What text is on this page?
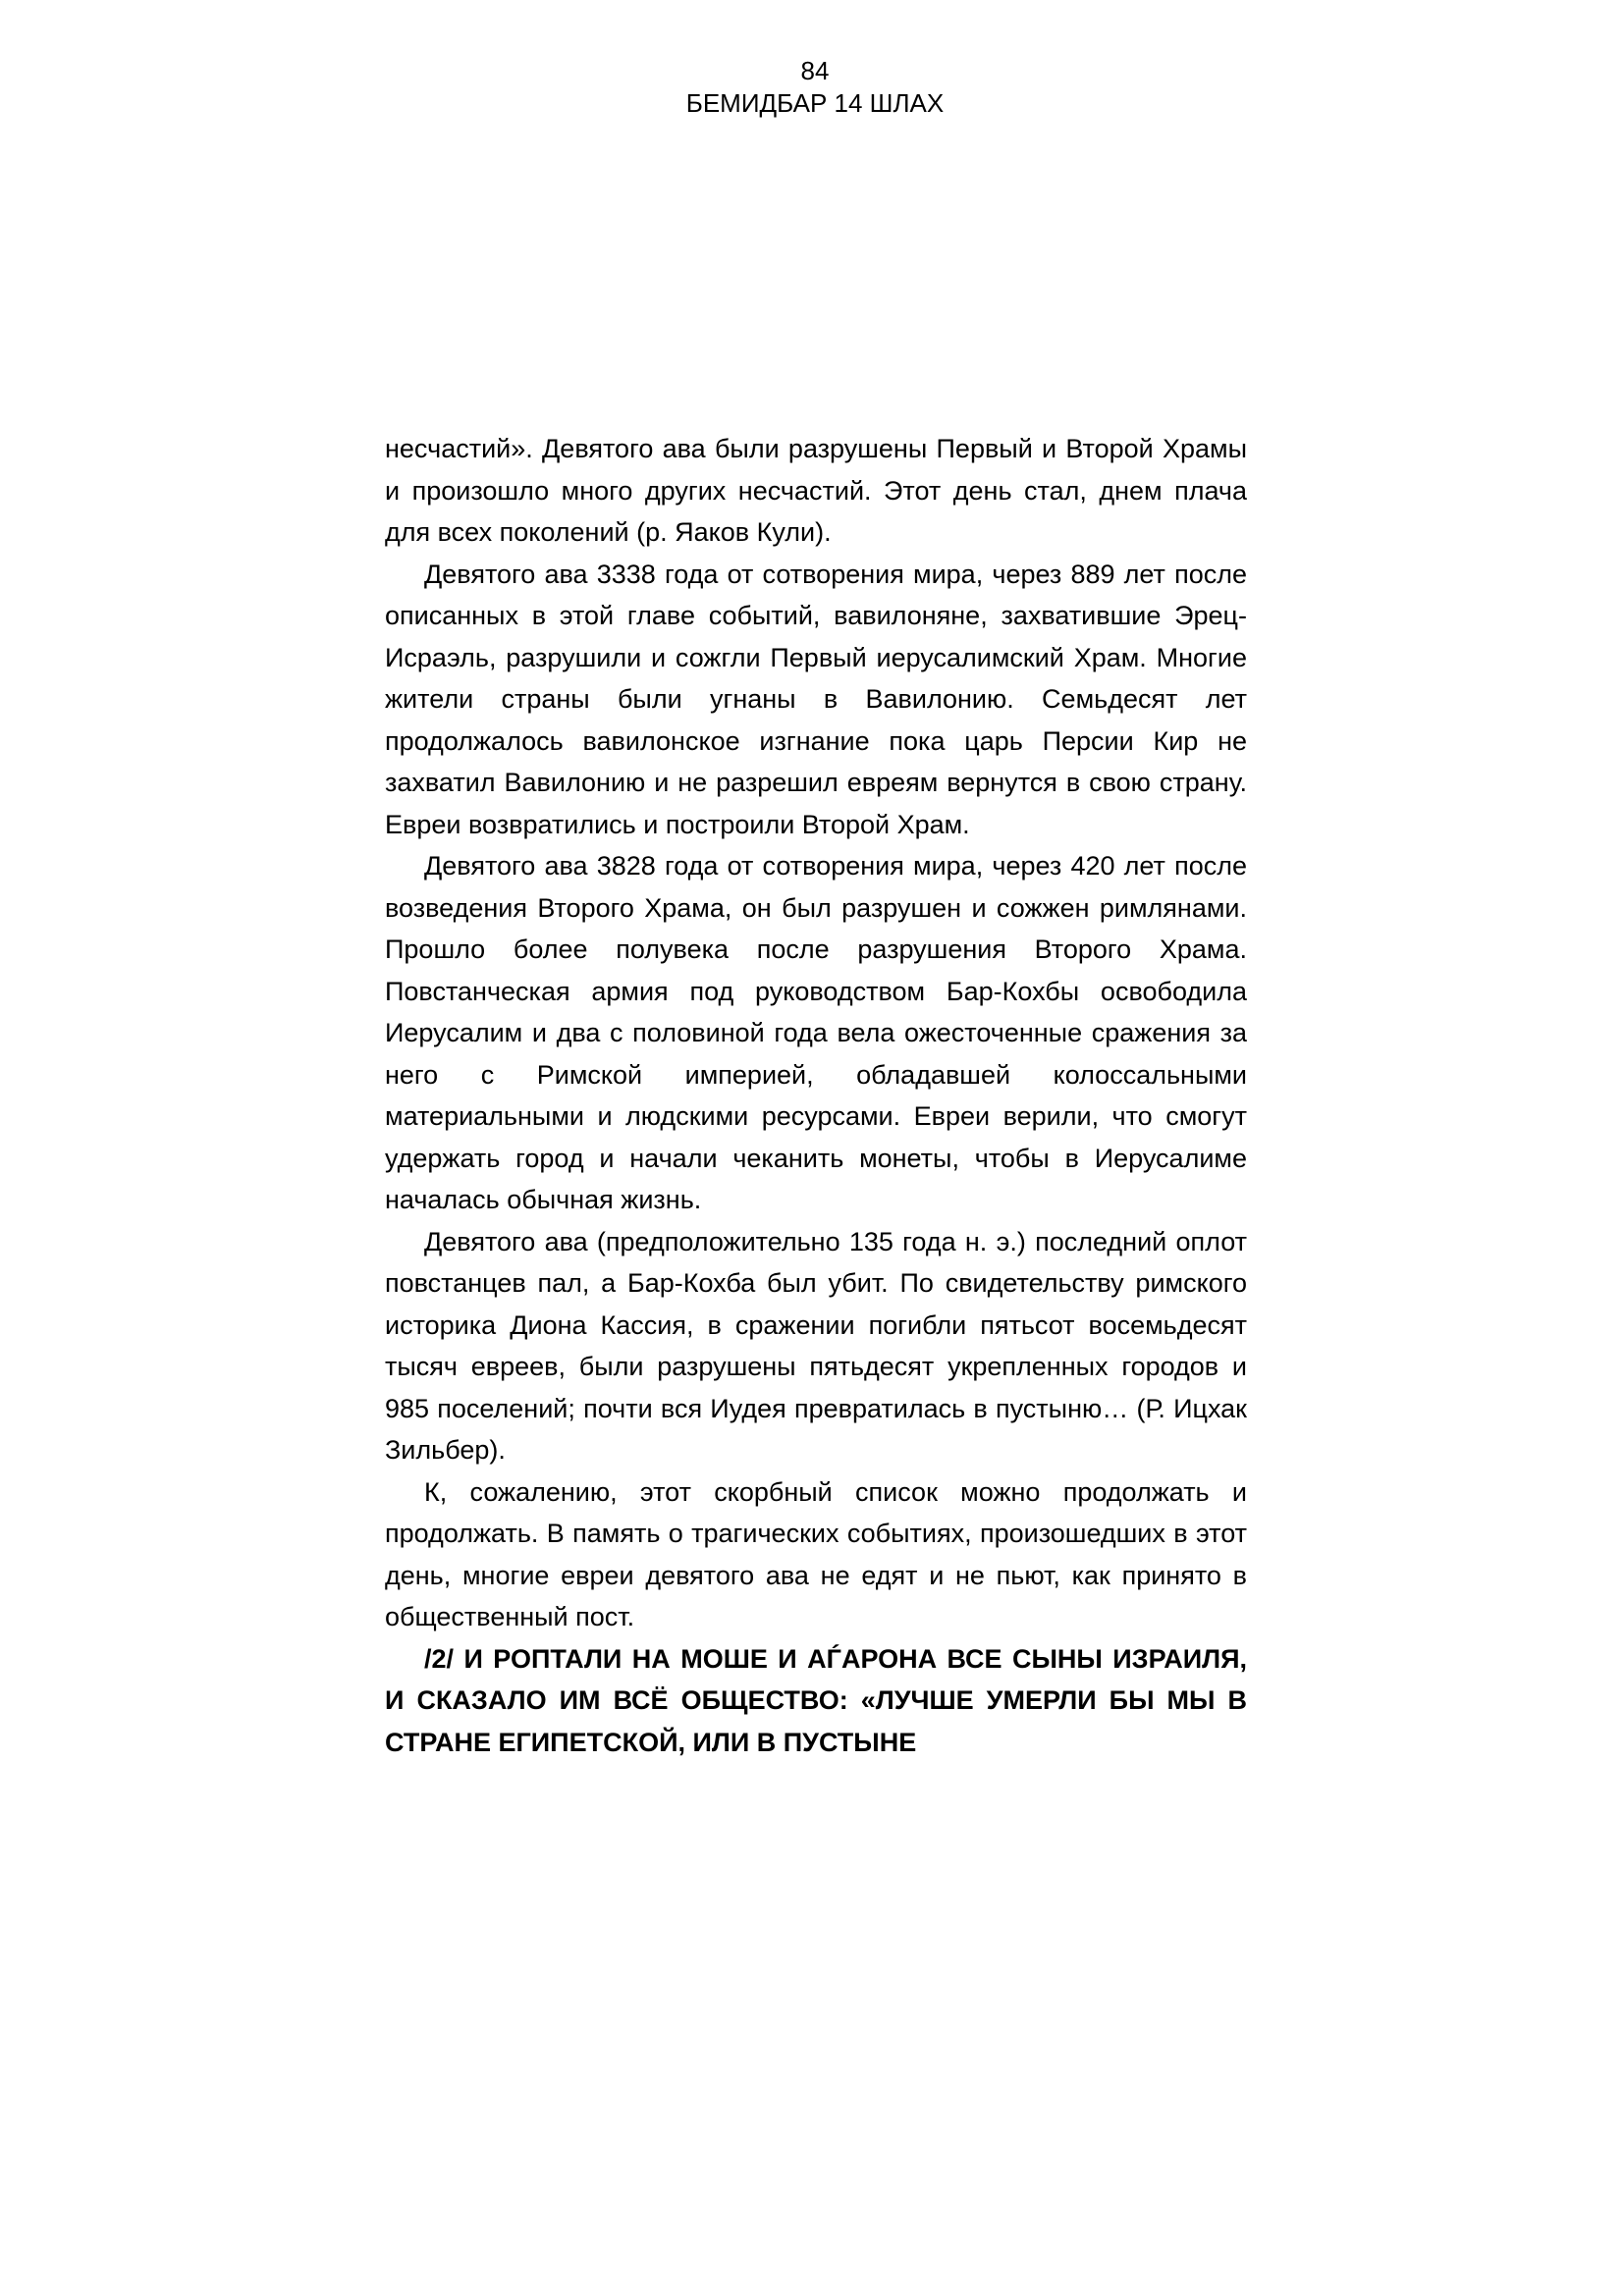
84
БЕМИДБАР 14 ШЛАХ

несчастий». Девятого ава были разрушены Первый и Второй Храмы и произошло много других несчастий. Этот день стал, днем плача для всех поколений (р. Яаков Кули).

Девятого ава 3338 года от сотворения мира, через 889 лет после описанных в этой главе событий, вавилоняне, захватившие Эрец-Исраэль, разрушили и сожгли Первый иерусалимский Храм. Многие жители страны были угнаны в Вавилонию. Семьдесят лет продолжалось вавилонское изгнание пока царь Персии Кир не захватил Вавилонию и не разрешил евреям вернутся в свою страну. Евреи возвратились и построили Второй Храм.

Девятого ава 3828 года от сотворения мира, через 420 лет после возведения Второго Храма, он был разрушен и сожжен римлянами. Прошло более полувека после разрушения Второго Храма. Повстанческая армия под руководством Бар-Кохбы освободила Иерусалим и два с половиной года вела ожесточенные сражения за него с Римской империей, обладавшей колоссальными материальными и людскими ресурсами. Евреи верили, что смогут удержать город и начали чеканить монеты, чтобы в Иерусалиме началась обычная жизнь.

Девятого ава (предположительно 135 года н. э.) последний оплот повстанцев пал, а Бар-Кохба был убит. По свидетельству римского историка Диона Кассия, в сражении погибли пятьсот восемьдесят тысяч евреев, были разрушены пятьдесят укрепленных городов и 985 поселений; почти вся Иудея превратилась в пустыню… (Р. Ицхак Зильбер).

К, сожалению, этот скорбный список можно продолжать и продолжать. В память о трагических событиях, произошедших в этот день, многие евреи девятого ава не едят и не пьют, как принято в общественный пост.

/2/ И РОПТАЛИ НА МОШЕ И АЃАРОНА ВСЕ СЫНЫ ИЗРАИЛЯ, И СКАЗАЛО ИМ ВСЁ ОБЩЕСТВО: «ЛУЧШЕ УМЕРЛИ БЫ МЫ В СТРАНЕ ЕГИПЕТСКОЙ, ИЛИ В ПУСТЫНЕ
